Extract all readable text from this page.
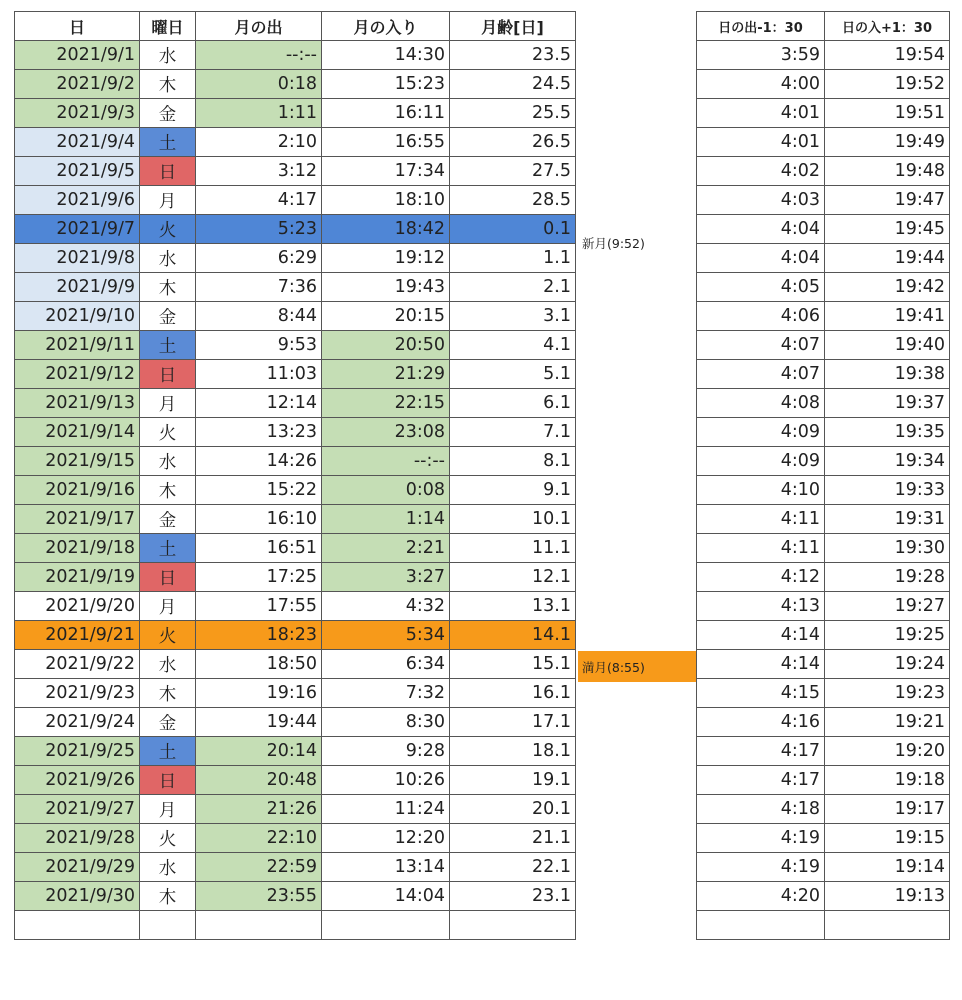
日	曜日	月の出	月の入り	月齢[日]
2021/9/1	水	--:--	14:30	23.5
2021/9/2	木	0:18	15:23	24.5
2021/9/3	金	1:11	16:11	25.5
2021/9/4	土	2:10	16:55	26.5
2021/9/5	日	3:12	17:34	27.5
2021/9/6	月	4:17	18:10	28.5
2021/9/7	火	5:23	18:42	0.1
2021/9/8	水	6:29	19:12	1.1
2021/9/9	木	7:36	19:43	2.1
2021/9/10	金	8:44	20:15	3.1
2021/9/11	土	9:53	20:50	4.1
2021/9/12	日	11:03	21:29	5.1
2021/9/13	月	12:14	22:15	6.1
2021/9/14	火	13:23	23:08	7.1
2021/9/15	水	14:26	--:--	8.1
2021/9/16	木	15:22	0:08	9.1
2021/9/17	金	16:10	1:14	10.1
2021/9/18	土	16:51	2:21	11.1
2021/9/19	日	17:25	3:27	12.1
2021/9/20	月	17:55	4:32	13.1
2021/9/21	火	18:23	5:34	14.1
2021/9/22	水	18:50	6:34	15.1
2021/9/23	木	19:16	7:32	16.1
2021/9/24	金	19:44	8:30	17.1
2021/9/25	土	20:14	9:28	18.1
2021/9/26	日	20:48	10:26	19.1
2021/9/27	月	21:26	11:24	20.1
2021/9/28	火	22:10	12:20	21.1
2021/9/29	水	22:59	13:14	22.1
2021/9/30	木	23:55	14:04	23.1

日の出-1：30	日の入+1：30
3:59	19:54
4:00	19:52
4:01	19:51
4:01	19:49
4:02	19:48
4:03	19:47
4:04	19:45
4:04	19:44
4:05	19:42
4:06	19:41
4:07	19:40
4:07	19:38
4:08	19:37
4:09	19:35
4:09	19:34
4:10	19:33
4:11	19:31
4:11	19:30
4:12	19:28
4:13	19:27
4:14	19:25
4:14	19:24
4:15	19:23
4:16	19:21
4:17	19:20
4:17	19:18
4:18	19:17
4:19	19:15
4:19	19:14
4:20	19:13

新月(9:52)
満月(8:55)
